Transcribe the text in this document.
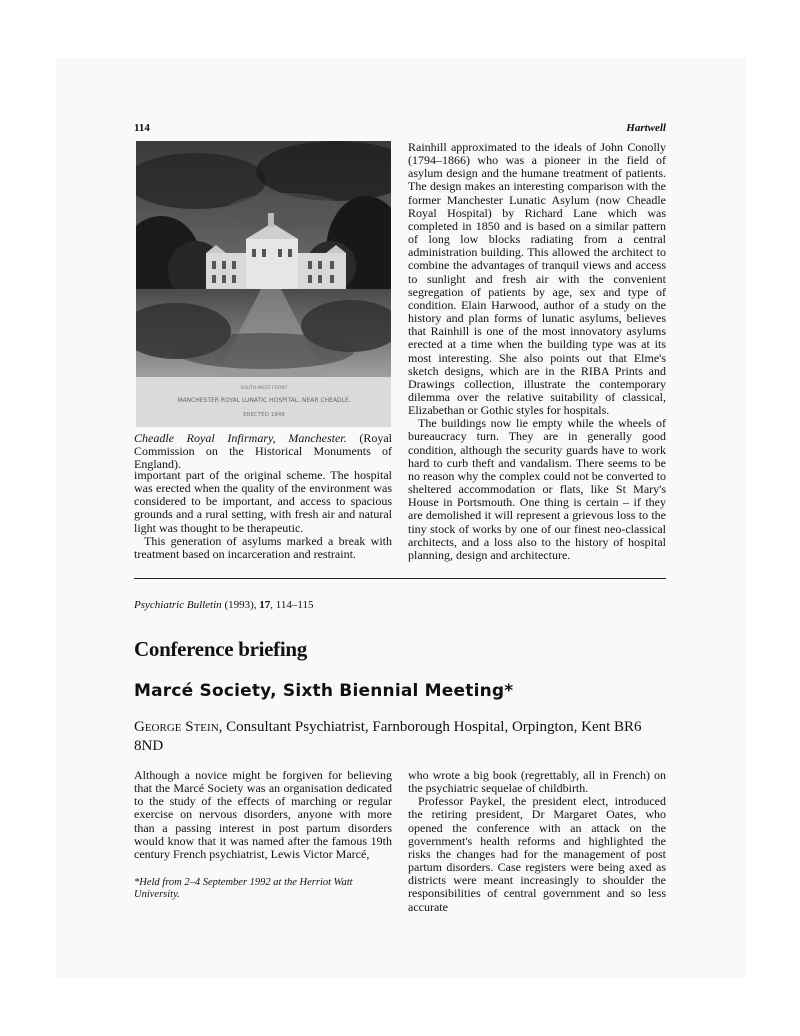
114	Hartwell
SOUTH-WEST FRONT
MANCHESTER ROYAL LUNATIC HOSPITAL, NEAR CHEADLE.
ERECTED 1848
Cheadle Royal Infirmary, Manchester. (Royal Commission on the Historical Monuments of England).

important part of the original scheme. The hospital was erected when the quality of the environment was considered to be important, and access to spacious grounds and a rural setting, with fresh air and natural light was thought to be therapeutic.

This generation of asylums marked a break with treatment based on incarceration and restraint.

Rainhill approximated to the ideals of John Conolly (1794–1866) who was a pioneer in the field of asylum design and the humane treatment of patients. The design makes an interesting comparison with the former Manchester Lunatic Asylum (now Cheadle Royal Hospital) by Richard Lane which was completed in 1850 and is based on a similar pattern of long low blocks radiating from a central administration building. This allowed the architect to combine the advantages of tranquil views and access to sunlight and fresh air with the convenient segregation of patients by age, sex and type of condition. Elain Harwood, author of a study on the history and plan forms of lunatic asylums, believes that Rainhill is one of the most innovatory asylums erected at a time when the building type was at its most interesting. She also points out that Elme's sketch designs, which are in the RIBA Prints and Drawings collection, illustrate the contemporary dilemma over the relative suitability of classical, Elizabethan or Gothic styles for hospitals.

The buildings now lie empty while the wheels of bureaucracy turn. They are in generally good condition, although the security guards have to work hard to curb theft and vandalism. There seems to be no reason why the complex could not be converted to sheltered accommodation or flats, like St Mary's House in Portsmouth. One thing is certain – if they are demolished it will represent a grievous loss to the tiny stock of works by one of our finest neo-classical architects, and a loss also to the history of hospital planning, design and architecture.

Psychiatric Bulletin (1993), 17, 114–115
Conference briefing
Marcé Society, Sixth Biennial Meeting*
George Stein, Consultant Psychiatrist, Farnborough Hospital, Orpington, Kent BR6 8ND

Although a novice might be forgiven for believing that the Marcé Society was an organisation dedicated to the study of the effects of marching or regular exercise on nervous disorders, anyone with more than a passing interest in post partum disorders would know that it was named after the famous 19th century French psychiatrist, Lewis Victor Marcé,

*Held from 2–4 September 1992 at the Herriot Watt University.

who wrote a big book (regrettably, all in French) on the psychiatric sequelae of childbirth.

Professor Paykel, the president elect, introduced the retiring president, Dr Margaret Oates, who opened the conference with an attack on the government's health reforms and highlighted the risks the changes had for the management of post partum disorders. Case registers were being axed as districts were meant increasingly to shoulder the responsibilities of central government and so less accurate
